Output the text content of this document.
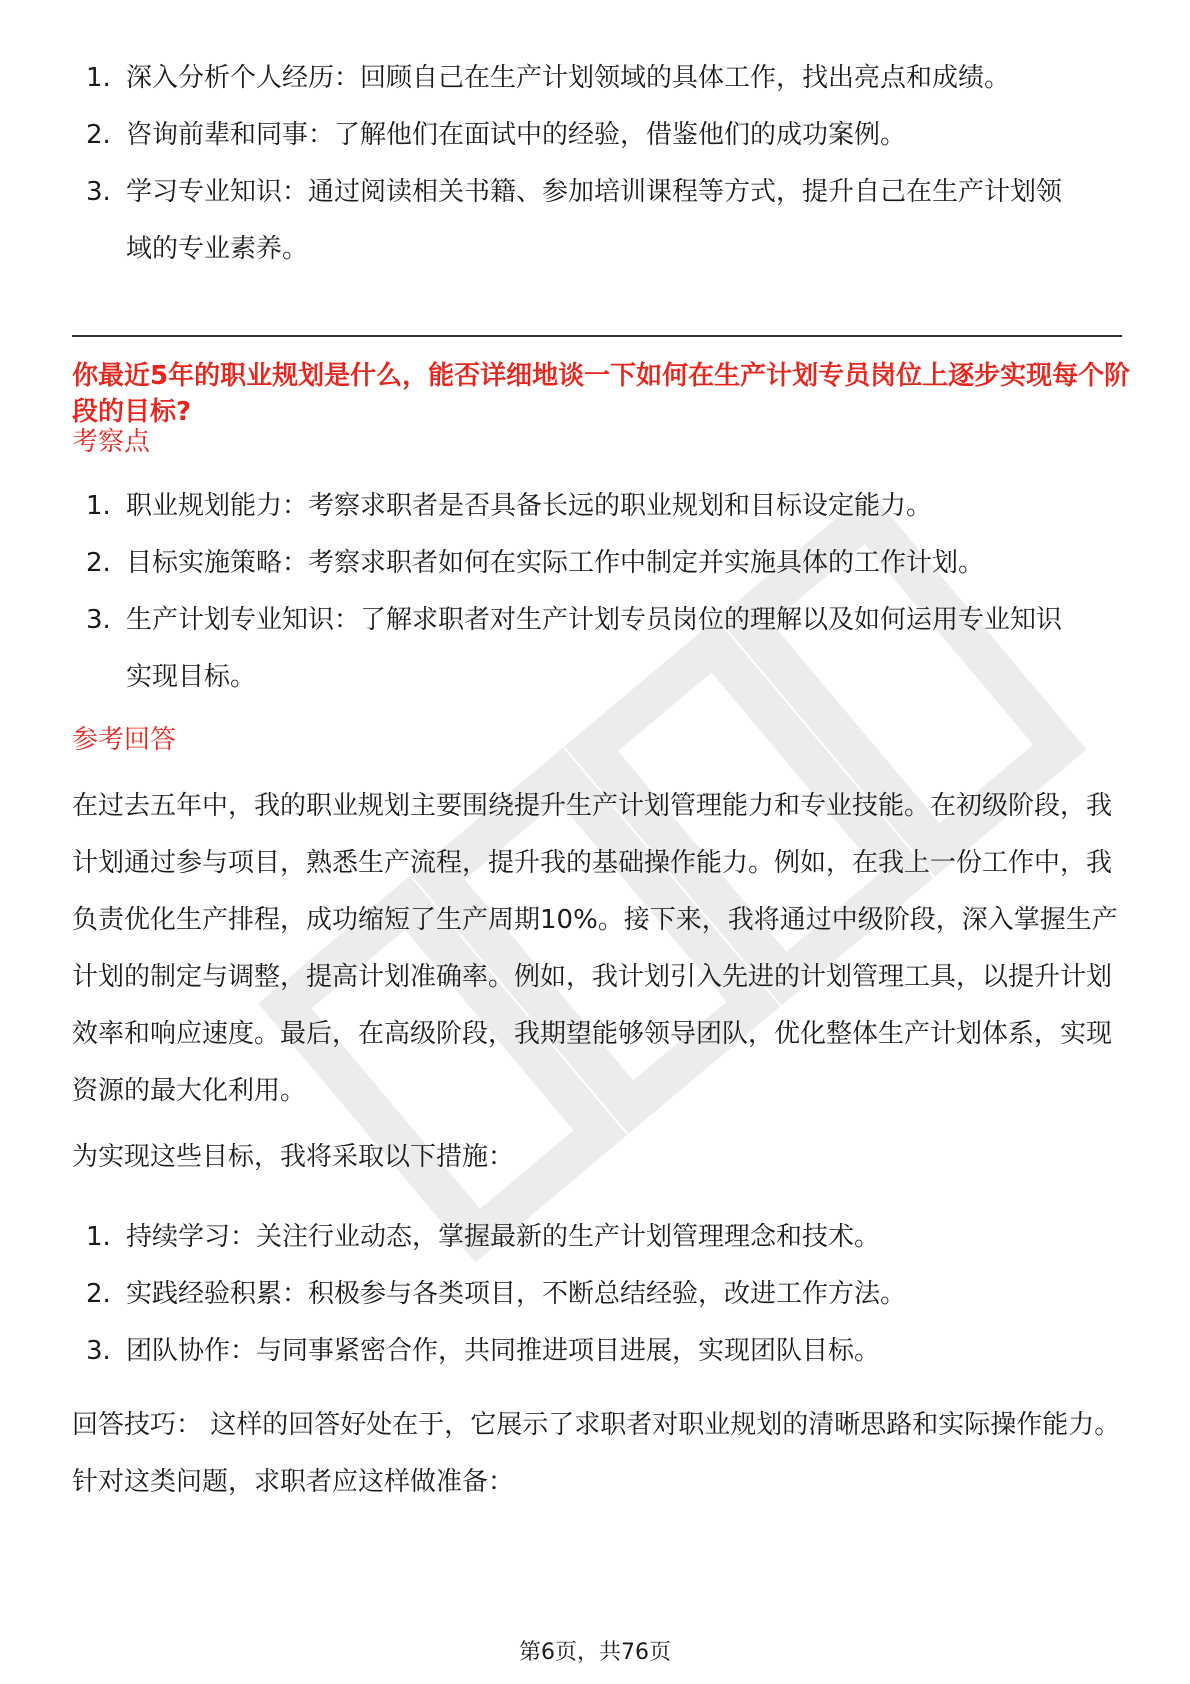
1. 深入分析个人经历：回顾自己在生产计划领域的具体工作，找出亮点和成绩。
2. 咨询前辈和同事：了解他们在面试中的经验，借鉴他们的成功案例。
3. 学习专业知识：通过阅读相关书籍、参加培训课程等方式，提升自己在生产计划领域的专业素养。
你最近5年的职业规划是什么，能否详细地谈一下如何在生产计划专员岗位上逐步实现每个阶段的目标?
考察点
1. 职业规划能力：考察求职者是否具备长远的职业规划和目标设定能力。
2. 目标实施策略：考察求职者如何在实际工作中制定并实施具体的工作计划。
3. 生产计划专业知识：了解求职者对生产计划专员岗位的理解以及如何运用专业知识实现目标。
参考回答
在过去五年中，我的职业规划主要围绕提升生产计划管理能力和专业技能。在初级阶段，我计划通过参与项目，熟悉生产流程，提升我的基础操作能力。例如，在我上一份工作中，我负责优化生产排程，成功缩短了生产周期10%。接下来，我将通过中级阶段，深入掌握生产计划的制定与调整，提高计划准确率。例如，我计划引入先进的计划管理工具，以提升计划效率和响应速度。最后，在高级阶段，我期望能够领导团队，优化整体生产计划体系，实现资源的最大化利用。
为实现这些目标，我将采取以下措施：
1. 持续学习：关注行业动态，掌握最新的生产计划管理理念和技术。
2. 实践经验积累：积极参与各类项目，不断总结经验，改进工作方法。
3. 团队协作：与同事紧密合作，共同推进项目进展，实现团队目标。
回答技巧： 这样的回答好处在于，它展示了求职者对职业规划的清晰思路和实际操作能力。针对这类问题，求职者应这样做准备：
第6页，共76页
